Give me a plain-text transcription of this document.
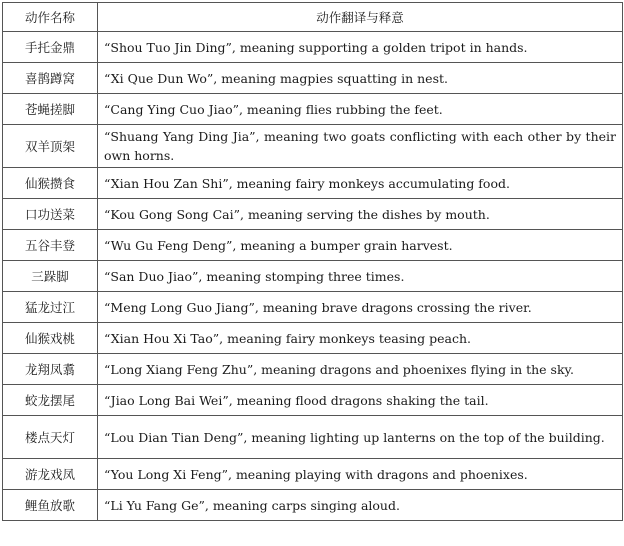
动作名称	动作翻译与释意
手托金鼎	“Shou Tuo Jin Ding”, meaning supporting a golden tripot in hands.
喜鹊蹲窝	“Xi Que Dun Wo”, meaning magpies squatting in nest.
苍蝇搓脚	“Cang Ying Cuo Jiao”, meaning flies rubbing the feet.
双羊顶架	“Shuang Yang Ding Jia”, meaning two goats conflicting with each other by their own horns.
仙猴攒食	“Xian Hou Zan Shi”, meaning fairy monkeys accumulating food.
口功送菜	“Kou Gong Song Cai”, meaning serving the dishes by mouth.
五谷丰登	“Wu Gu Feng Deng”, meaning a bumper grain harvest.
三跺脚	“San Duo Jiao”, meaning stomping three times.
猛龙过江	“Meng Long Guo Jiang”, meaning brave dragons crossing the river.
仙猴戏桃	“Xian Hou Xi Tao”, meaning fairy monkeys teasing peach.
龙翔凤翥	“Long Xiang Feng Zhu”, meaning dragons and phoenixes flying in the sky.
蛟龙摆尾	“Jiao Long Bai Wei”, meaning flood dragons shaking the tail.
楼点天灯	“Lou Dian Tian Deng”, meaning lighting up lanterns on the top of the building.
游龙戏凤	“You Long Xi Feng”, meaning playing with dragons and phoenixes.
鲤鱼放歌	“Li Yu Fang Ge”, meaning carps singing aloud.
